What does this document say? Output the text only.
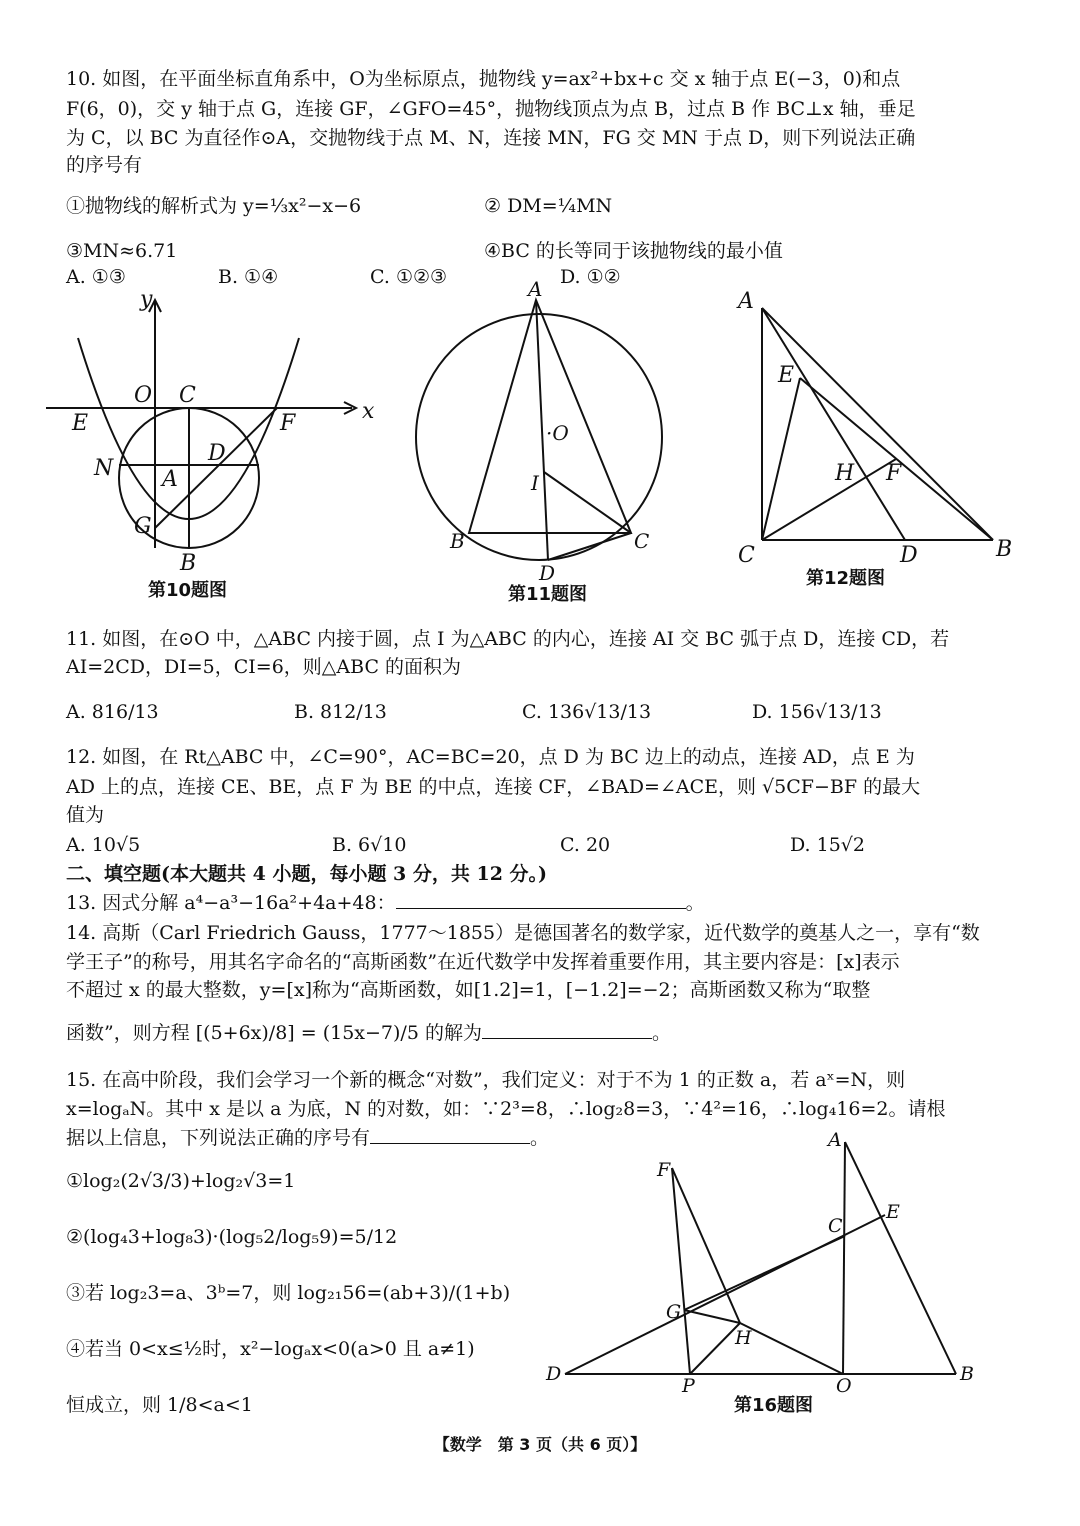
10. 如图，在平面坐标直角系中，O为坐标原点，抛物线 y=ax²+bx+c 交 x 轴于点 E(−3，0)和点
F(6，0)，交 y 轴于点 G，连接 GF，∠GFO=45°，抛物线顶点为点 B，过点 B 作 BC⊥x 轴，垂足
为 C，以 BC 为直径作⊙A，交抛物线于点 M、N，连接 MN，FG 交 MN 于点 D，则下列说法正确
的序号有
①抛物线的解析式为 y=⅓x²−x−6	② DM=¼MN
③MN≈6.71	④BC 的长等同于该抛物线的最小值
A. ①③	B. ①④	C. ①②③	D. ①②
y
x
O C
E	F
N
D
A
G
B
第10题图
A
·O
I
B	C
D
第11题图
A
E
H F
C	D	B
第12题图
11. 如图，在⊙O 中，△ABC 内接于圆，点 I 为△ABC 的内心，连接 AI 交 BC 弧于点 D，连接 CD，若
AI=2CD，DI=5，CI=6，则△ABC 的面积为
A. 816/13	B. 812/13	C. 136√13/13	D. 156√13/13
12. 如图，在 Rt△ABC 中，∠C=90°，AC=BC=20，点 D 为 BC 边上的动点，连接 AD，点 E 为
AD 上的点，连接 CE、BE，点 F 为 BE 的中点，连接 CF，∠BAD=∠ACE，则 √5CF−BF 的最大
值为
A. 10√5	B. 6√10	C. 20	D. 15√2
二、填空题(本大题共 4 小题，每小题 3 分，共 12 分。)
13. 因式分解 a⁴−a³−16a²+4a+48：	。
14. 高斯（Carl Friedrich Gauss，1777～1855）是德国著名的数学家，近代数学的奠基人之一，享有“数
学王子”的称号，用其名字命名的“高斯函数”在近代数学中发挥着重要作用，其主要内容是：[x]表示
不超过 x 的最大整数，y=[x]称为“高斯函数，如[1.2]=1，[−1.2]=−2；高斯函数又称为“取整
函数”，则方程 [(5+6x)/8] = (15x−7)/5 的解为	。
15. 在高中阶段，我们会学习一个新的概念“对数”，我们定义：对于不为 1 的正数 a，若 aˣ=N，则
x=logₐN。其中 x 是以 a 为底，N 的对数，如：∵2³=8，∴log₂8=3，∵4²=16，∴log₄16=2。请根
据以上信息，下列说法正确的序号有	。
①log₂(2√3/3)+log₂√3=1
②(log₄3+log₈3)·(log₅2/log₅9)=5/12
③若 log₂3=a、3ᵇ=7，则 log₂₁56=(ab+3)/(1+b)
④若当 0<x≤½时，x²−logₐx<0(a>0 且 a≠1)
恒成立，则 1/8<a<1
A
F
E
C
G
H
D
P	O
B
第16题图
【数学　第 3 页（共 6 页）】
